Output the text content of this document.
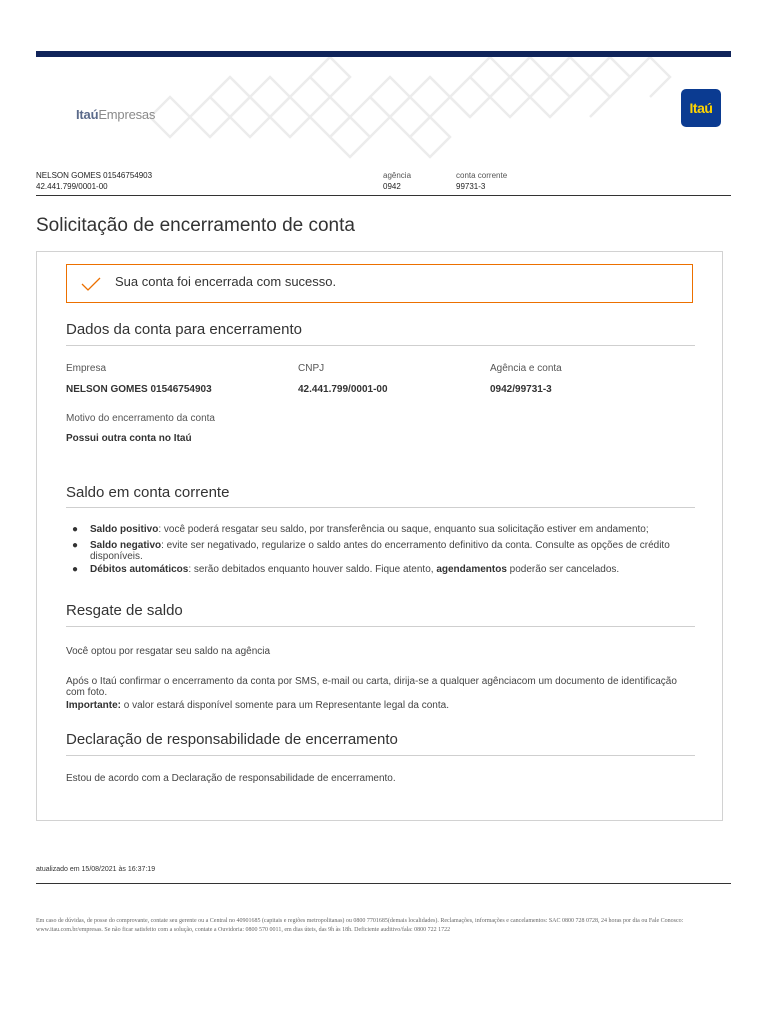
ItaúEmpresas	Itaú
NELSON GOMES 01546754903
42.441.799/0001-00
agência
0942
conta corrente
99731-3
Solicitação de encerramento de conta
Sua conta foi encerrada com sucesso.
Dados da conta para encerramento
Empresa
NELSON GOMES 01546754903
CNPJ
42.441.799/0001-00
Agência e conta
0942/99731-3
Motivo do encerramento da conta
Possui outra conta no Itaú
Saldo em conta corrente
●	Saldo positivo: você poderá resgatar seu saldo, por transferência ou saque, enquanto sua solicitação estiver em andamento;
●	Saldo negativo: evite ser negativado, regularize o saldo antes do encerramento definitivo da conta. Consulte as opções de crédito disponíveis.
●	Débitos automáticos: serão debitados enquanto houver saldo. Fique atento, agendamentos poderão ser cancelados.
Resgate de saldo
Você optou por resgatar seu saldo na agência
Após o Itaú confirmar o encerramento da conta por SMS, e-mail ou carta, dirija-se a qualquer agênciacom um documento de identificação com foto.
Importante: o valor estará disponível somente para um Representante legal da conta.
Declaração de responsabilidade de encerramento
Estou de acordo com a Declaração de responsabilidade de encerramento.
atualizado em 15/08/2021 às 16:37:19
Em caso de dúvidas, de posse do comprovante, contate seu gerente ou a Central no 40901685 (capitais e regiões metropolitanas) ou 0800 7701685(demais localidades). Reclamações, informações e cancelamentos: SAC 0800 728 0728, 24 horas por dia ou Fale Conosco: www.itau.com.br/empresas. Se não ficar satisfeito com a solução, contate a Ouvidoria: 0800 570 0011, em dias úteis, das 9h às 18h. Deficiente auditivo/fala: 0800 722 1722
